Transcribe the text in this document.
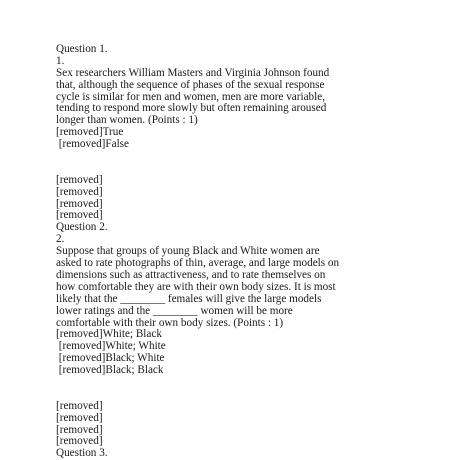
Question 1.
1.
Sex researchers William Masters and Virginia Johnson found
that, although the sequence of phases of the sexual response
cycle is similar for men and women, men are more variable,
tending to respond more slowly but often remaining aroused
longer than women. (Points : 1)
[removed]True
[removed]False
[removed]
[removed]
[removed]
[removed]
Question 2.
2.
Suppose that groups of young Black and White women are
asked to rate photographs of thin, average, and large models on
dimensions such as attractiveness, and to rate themselves on
how comfortable they are with their own body sizes. It is most
likely that the ________ females will give the large models
lower ratings and the ________ women will be more
comfortable with their own body sizes. (Points : 1)
[removed]White; Black
[removed]White; White
[removed]Black; White
[removed]Black; Black
[removed]
[removed]
[removed]
[removed]
Question 3.
